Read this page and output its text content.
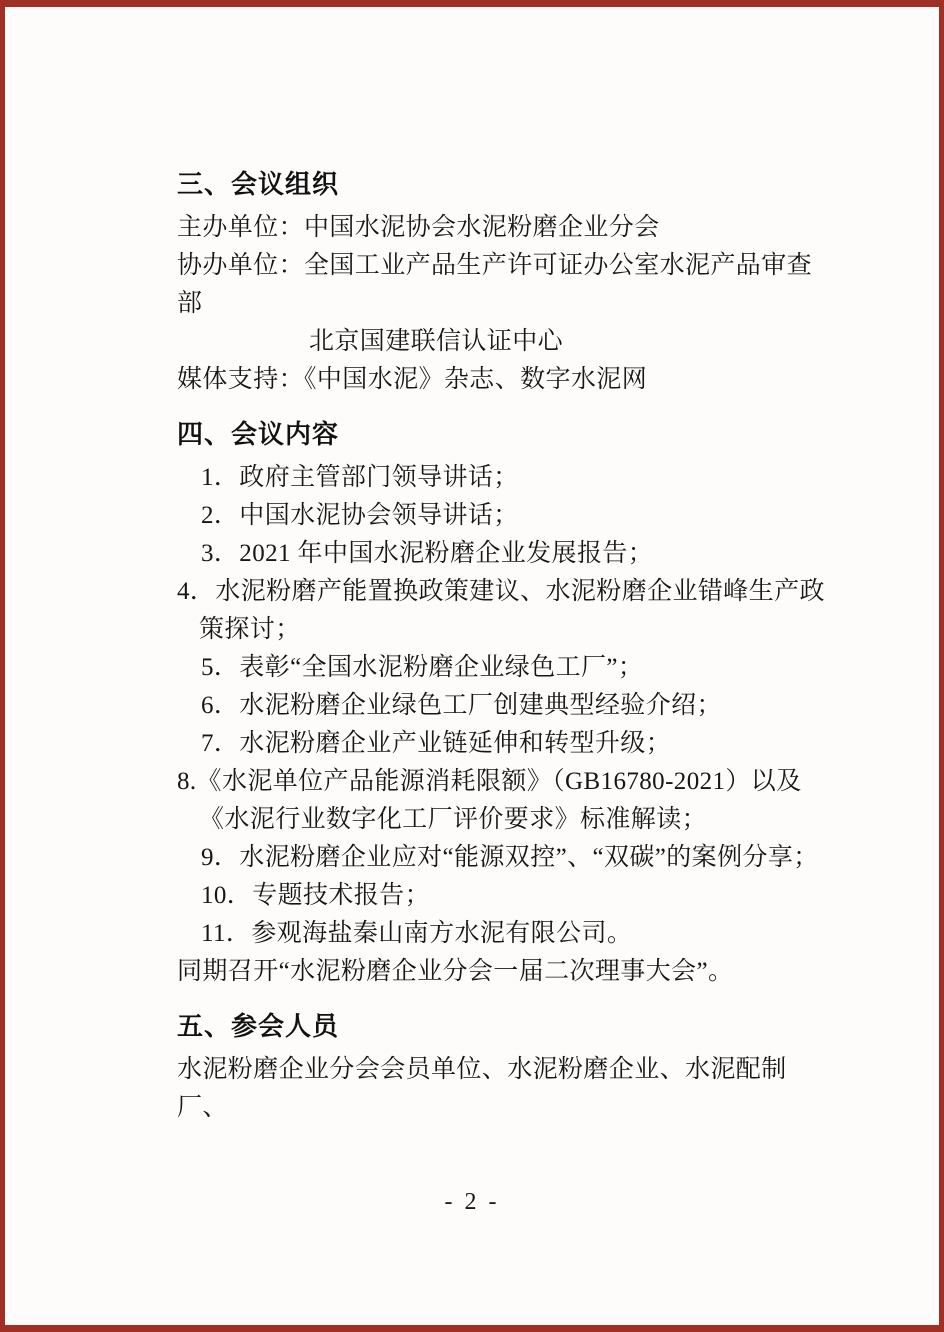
三、会议组织

主办单位：中国水泥协会水泥粉磨企业分会

协办单位：全国工业产品生产许可证办公室水泥产品审查部

北京国建联信认证中心

媒体支持：《中国水泥》杂志、数字水泥网

四、会议内容

1．政府主管部门领导讲话；

2．中国水泥协会领导讲话；

3．2021 年中国水泥粉磨企业发展报告；

4．水泥粉磨产能置换政策建议、水泥粉磨企业错峰生产政策探讨；

5．表彰“全国水泥粉磨企业绿色工厂”；

6．水泥粉磨企业绿色工厂创建典型经验介绍；

7．水泥粉磨企业产业链延伸和转型升级；

8.《水泥单位产品能源消耗限额》（GB16780-2021）以及《水泥行业数字化工厂评价要求》标准解读；

9．水泥粉磨企业应对“能源双控”、“双碳”的案例分享；

10．专题技术报告；

11．参观海盐秦山南方水泥有限公司。

同期召开“水泥粉磨企业分会一届二次理事大会”。

五、参会人员

水泥粉磨企业分会会员单位、水泥粉磨企业、水泥配制厂、

- 2 -
